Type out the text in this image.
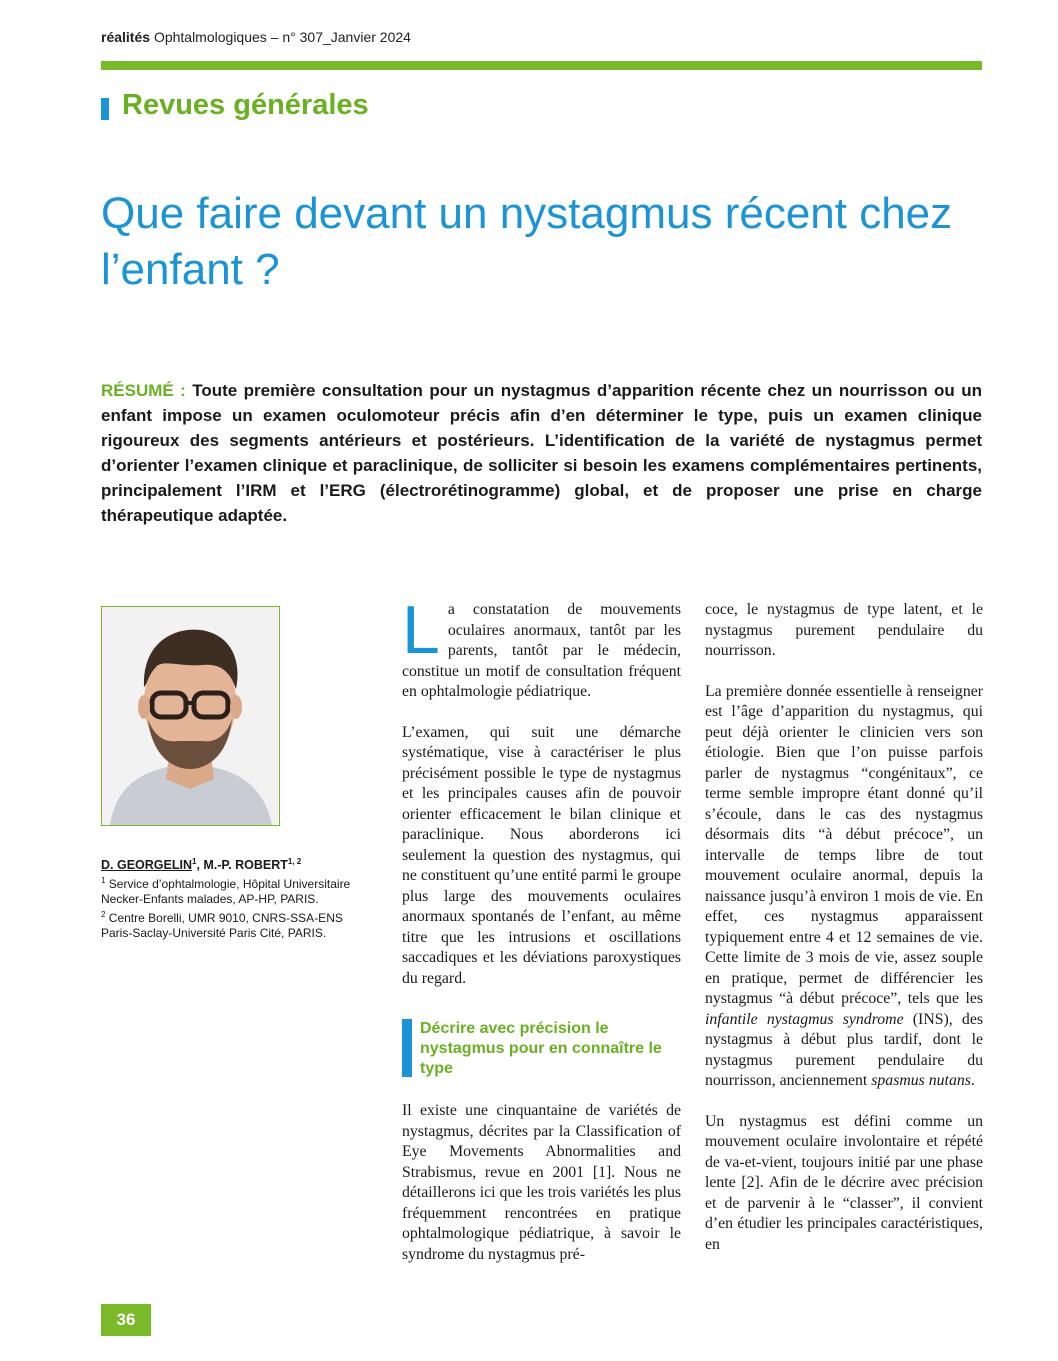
réalités Ophtalmologiques – n° 307_Janvier 2024
Revues générales
Que faire devant un nystagmus récent chez l’enfant ?

RÉSUMÉ : Toute première consultation pour un nystagmus d’apparition récente chez un nourrisson ou un enfant impose un examen oculomoteur précis afin d’en déterminer le type, puis un examen clinique rigoureux des segments antérieurs et postérieurs. L’identification de la variété de nystagmus permet d’orienter l’examen clinique et paraclinique, de solliciter si besoin les examens complémentaires pertinents, principalement l’IRM et l’ERG (électrorétinogramme) global, et de proposer une prise en charge thérapeutique adaptée.

D. GEORGELIN$^1$, M.-P. ROBERT$^{1, 2}$
$^1$ Service d’ophtalmologie, Hôpital Universitaire Necker-Enfants malades, AP-HP, PARIS.
$^2$ Centre Borelli, UMR 9010, CNRS-SSA-ENS Paris-Saclay-Université Paris Cité, PARIS.

La constatation de mouvements oculaires anormaux, tantôt par les parents, tantôt par le médecin, constitue un motif de consultation fréquent en ophtalmologie pédiatrique.

L’examen, qui suit une démarche systématique, vise à caractériser le plus précisément possible le type de nystagmus et les principales causes afin de pouvoir orienter efficacement le bilan clinique et paraclinique. Nous aborderons ici seulement la question des nystagmus, qui ne constituent qu’une entité parmi le groupe plus large des mouvements oculaires anormaux spontanés de l’enfant, au même titre que les intrusions et oscillations saccadiques et les déviations paroxystiques du regard.

Décrire avec précision le nystagmus pour en connaître le type

Il existe une cinquantaine de variétés de nystagmus, décrites par la Classification of Eye Movements Abnormalities and Strabismus, revue en 2001 [1]. Nous ne détaillerons ici que les trois variétés les plus fréquemment rencontrées en pratique ophtalmologique pédiatrique, à savoir le syndrome du nystagmus pré-

coce, le nystagmus de type latent, et le nystagmus purement pendulaire du nourrisson.

La première donnée essentielle à renseigner est l’âge d’apparition du nystagmus, qui peut déjà orienter le clinicien vers son étiologie. Bien que l’on puisse parfois parler de nystagmus “congénitaux”, ce terme semble impropre étant donné qu’il s’écoule, dans le cas des nystagmus désormais dits “à début précoce”, un intervalle de temps libre de tout mouvement oculaire anormal, depuis la naissance jusqu’à environ 1 mois de vie. En effet, ces nystagmus apparaissent typiquement entre 4 et 12 semaines de vie. Cette limite de 3 mois de vie, assez souple en pratique, permet de différencier les nystagmus “à début précoce”, tels que les infantile nystagmus syndrome (INS), des nystagmus à début plus tardif, dont le nystagmus purement pendulaire du nourrisson, anciennement spasmus nutans.

Un nystagmus est défini comme un mouvement oculaire involontaire et répété de va-et-vient, toujours initié par une phase lente [2]. Afin de le décrire avec précision et de parvenir à le “classer”, il convient d’en étudier les principales caractéristiques, en

36
